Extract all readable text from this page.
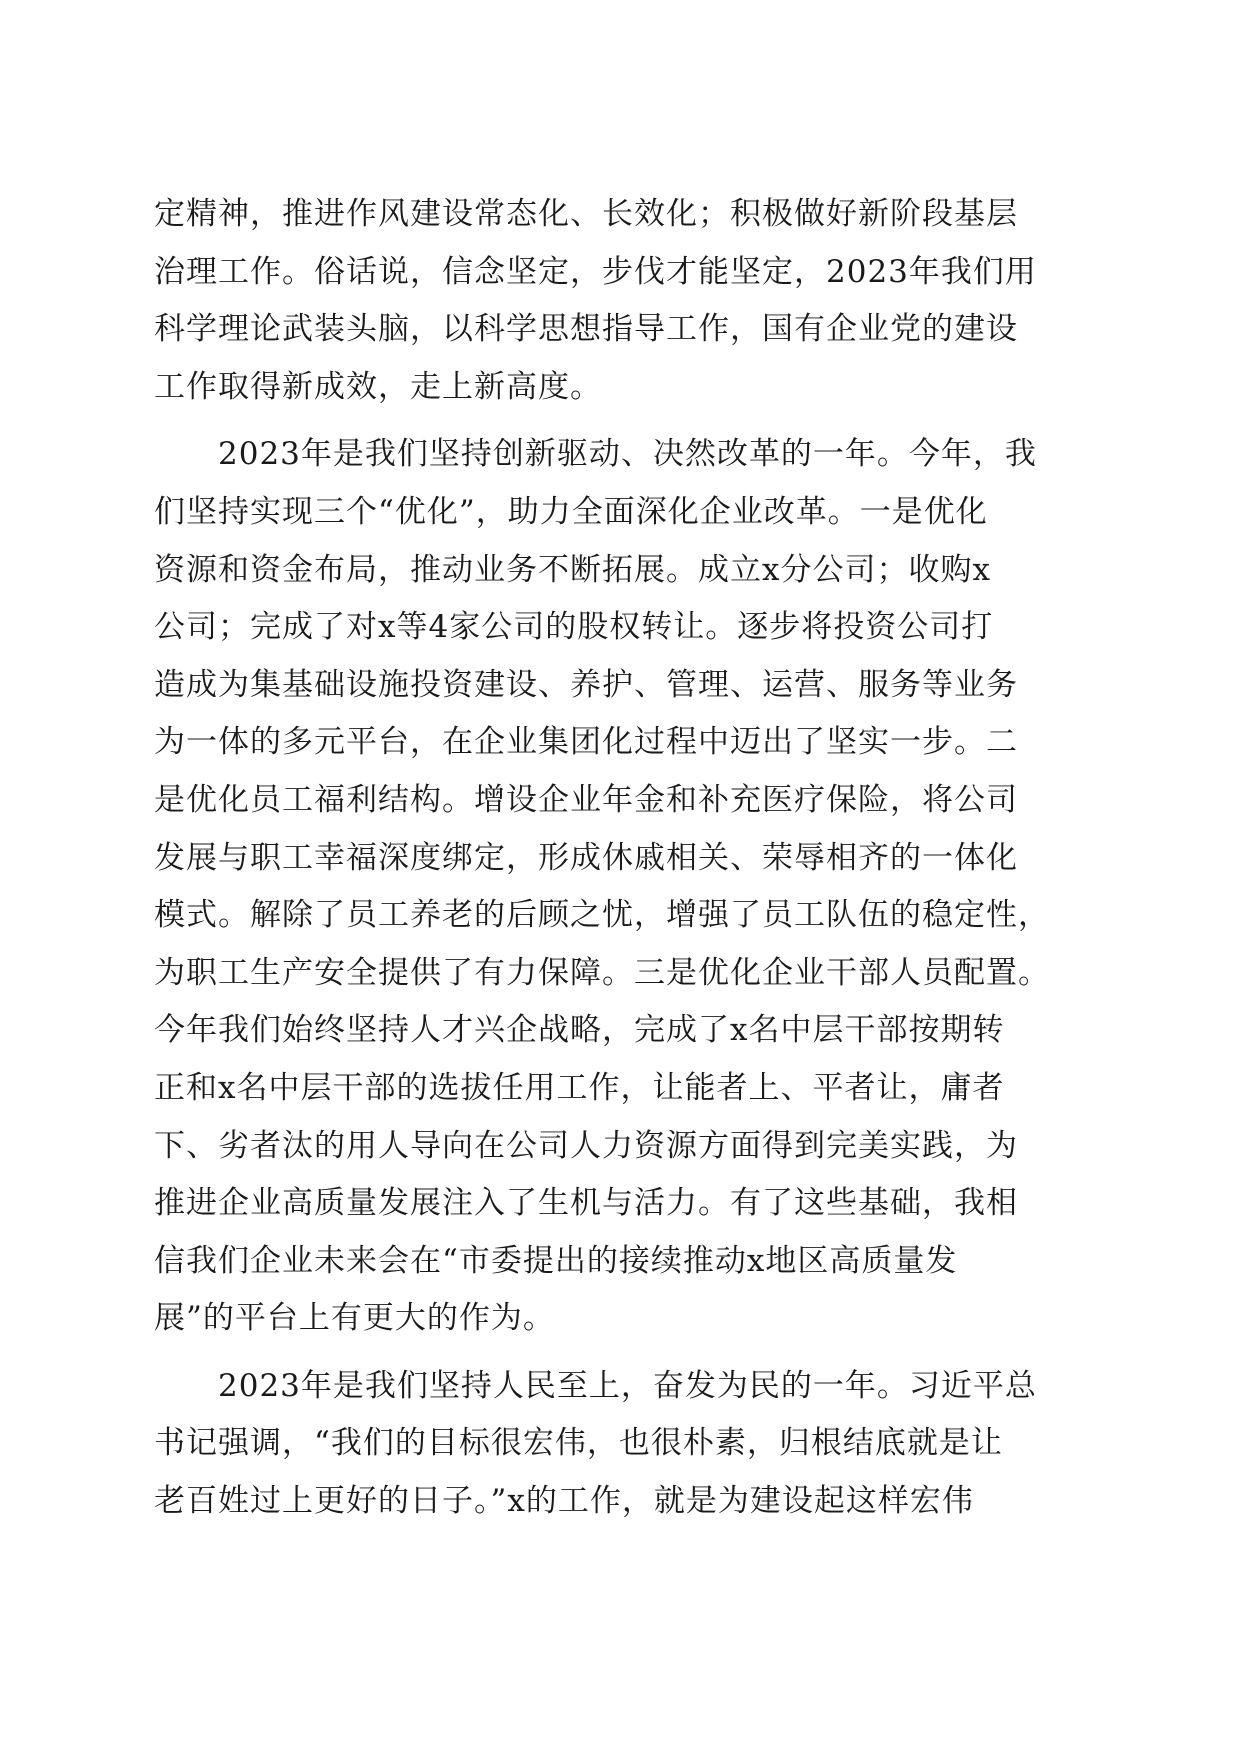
定精神，推进作风建设常态化、长效化；积极做好新阶段基层
治理工作。俗话说，信念坚定，步伐才能坚定，2023年我们用
科学理论武装头脑，以科学思想指导工作，国有企业党的建设
工作取得新成效，走上新高度。
2023年是我们坚持创新驱动、决然改革的一年。今年，我
们坚持实现三个“优化”，助力全面深化企业改革。一是优化
资源和资金布局，推动业务不断拓展。成立x分公司；收购x
公司；完成了对x等4家公司的股权转让。逐步将投资公司打
造成为集基础设施投资建设、养护、管理、运营、服务等业务
为一体的多元平台，在企业集团化过程中迈出了坚实一步。二
是优化员工福利结构。增设企业年金和补充医疗保险，将公司
发展与职工幸福深度绑定，形成休戚相关、荣辱相齐的一体化
模式。解除了员工养老的后顾之忧，增强了员工队伍的稳定性，
为职工生产安全提供了有力保障。三是优化企业干部人员配置。
今年我们始终坚持人才兴企战略，完成了x名中层干部按期转
正和x名中层干部的选拔任用工作，让能者上、平者让，庸者
下、劣者汰的用人导向在公司人力资源方面得到完美实践，为
推进企业高质量发展注入了生机与活力。有了这些基础，我相
信我们企业未来会在“市委提出的接续推动x地区高质量发
展”的平台上有更大的作为。
2023年是我们坚持人民至上，奋发为民的一年。习近平总
书记强调，“我们的目标很宏伟，也很朴素，归根结底就是让
老百姓过上更好的日子。”x的工作，就是为建设起这样宏伟
